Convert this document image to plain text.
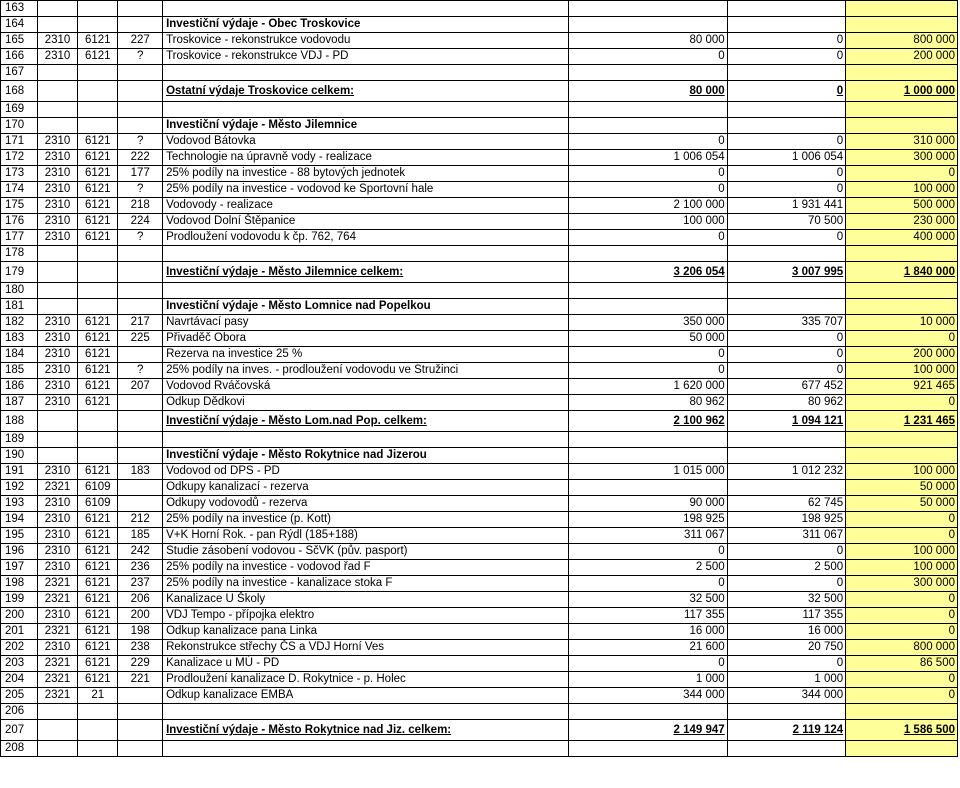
163							
164				Investiční výdaje - Obec Troskovice			
165	2310	6121	227	Troskovice - rekonstrukce vodovodu	80 000	0	800 000
166	2310	6121	?	Troskovice - rekonstrukce VDJ - PD	0	0	200 000
167							
168				Ostatní výdaje Troskovice celkem:	80 000	0	1 000 000
169							
170				Investiční výdaje - Město Jilemnice			
171	2310	6121	?	Vodovod Bátovka	0	0	310 000
172	2310	6121	222	Technologie na úpravně vody - realizace	1 006 054	1 006 054	300 000
173	2310	6121	177	25% podíly na investice - 88 bytových jednotek	0	0	0
174	2310	6121	?	25% podíly na investice - vodovod ke Sportovní hale	0	0	100 000
175	2310	6121	218	Vodovody - realizace	2 100 000	1 931 441	500 000
176	2310	6121	224	Vodovod Dolní Štěpanice	100 000	70 500	230 000
177	2310	6121	?	Prodloužení vodovodu k čp. 762, 764	0	0	400 000
178							
179				Investiční výdaje - Město Jilemnice celkem:	3 206 054	3 007 995	1 840 000
180							
181				Investiční výdaje - Město Lomnice nad Popelkou			
182	2310	6121	217	Navrtávací pasy	350 000	335 707	10 000
183	2310	6121	225	Přivaděč Obora	50 000	0	0
184	2310	6121		Rezerva na investice 25 %	0	0	200 000
185	2310	6121	?	25% podíly na inves. - prodloužení vodovodu ve Stružinci	0	0	100 000
186	2310	6121	207	Vodovod Rváčovská	1 620 000	677 452	921 465
187	2310	6121		Odkup Dědkovi	80 962	80 962	0
188				Investiční výdaje - Město Lom.nad Pop. celkem:	2 100 962	1 094 121	1 231 465
189							
190				Investiční výdaje - Město Rokytnice nad Jizerou			
191	2310	6121	183	Vodovod od DPS - PD	1 015 000	1 012 232	100 000
192	2321	6109		Odkupy kanalizací - rezerva			50 000
193	2310	6109		Odkupy vodovodů - rezerva	90 000	62 745	50 000
194	2310	6121	212	25% podíly na investice (p. Kott)	198 925	198 925	0
195	2310	6121	185	V+K Horní Rok. - pan Rýdl (185+188)	311 067	311 067	0
196	2310	6121	242	Studie zásobení vodovou - SčVK (pův. pasport)	0	0	100 000
197	2310	6121	236	25% podíly na investice - vodovod řad F	2 500	2 500	100 000
198	2321	6121	237	25% podíly na investice - kanalizace stoka F	0	0	300 000
199	2321	6121	206	Kanalizace U Školy	32 500	32 500	0
200	2310	6121	200	VDJ Tempo - přípojka elektro	117 355	117 355	0
201	2321	6121	198	Odkup kanalizace pana Linka	16 000	16 000	0
202	2310	6121	238	Rekonstrukce střechy ČS a VDJ Horní Ves	21 600	20 750	800 000
203	2321	6121	229	Kanalizace u MÚ - PD	0	0	86 500
204	2321	6121	221	Prodloužení kanalizace D. Rokytnice - p. Holec	1 000	1 000	0
205	2321	21		Odkup kanalizace EMBA	344 000	344 000	0
206							
207				Investiční výdaje - Město Rokytnice nad Jiz. celkem:	2 149 947	2 119 124	1 586 500
208							
